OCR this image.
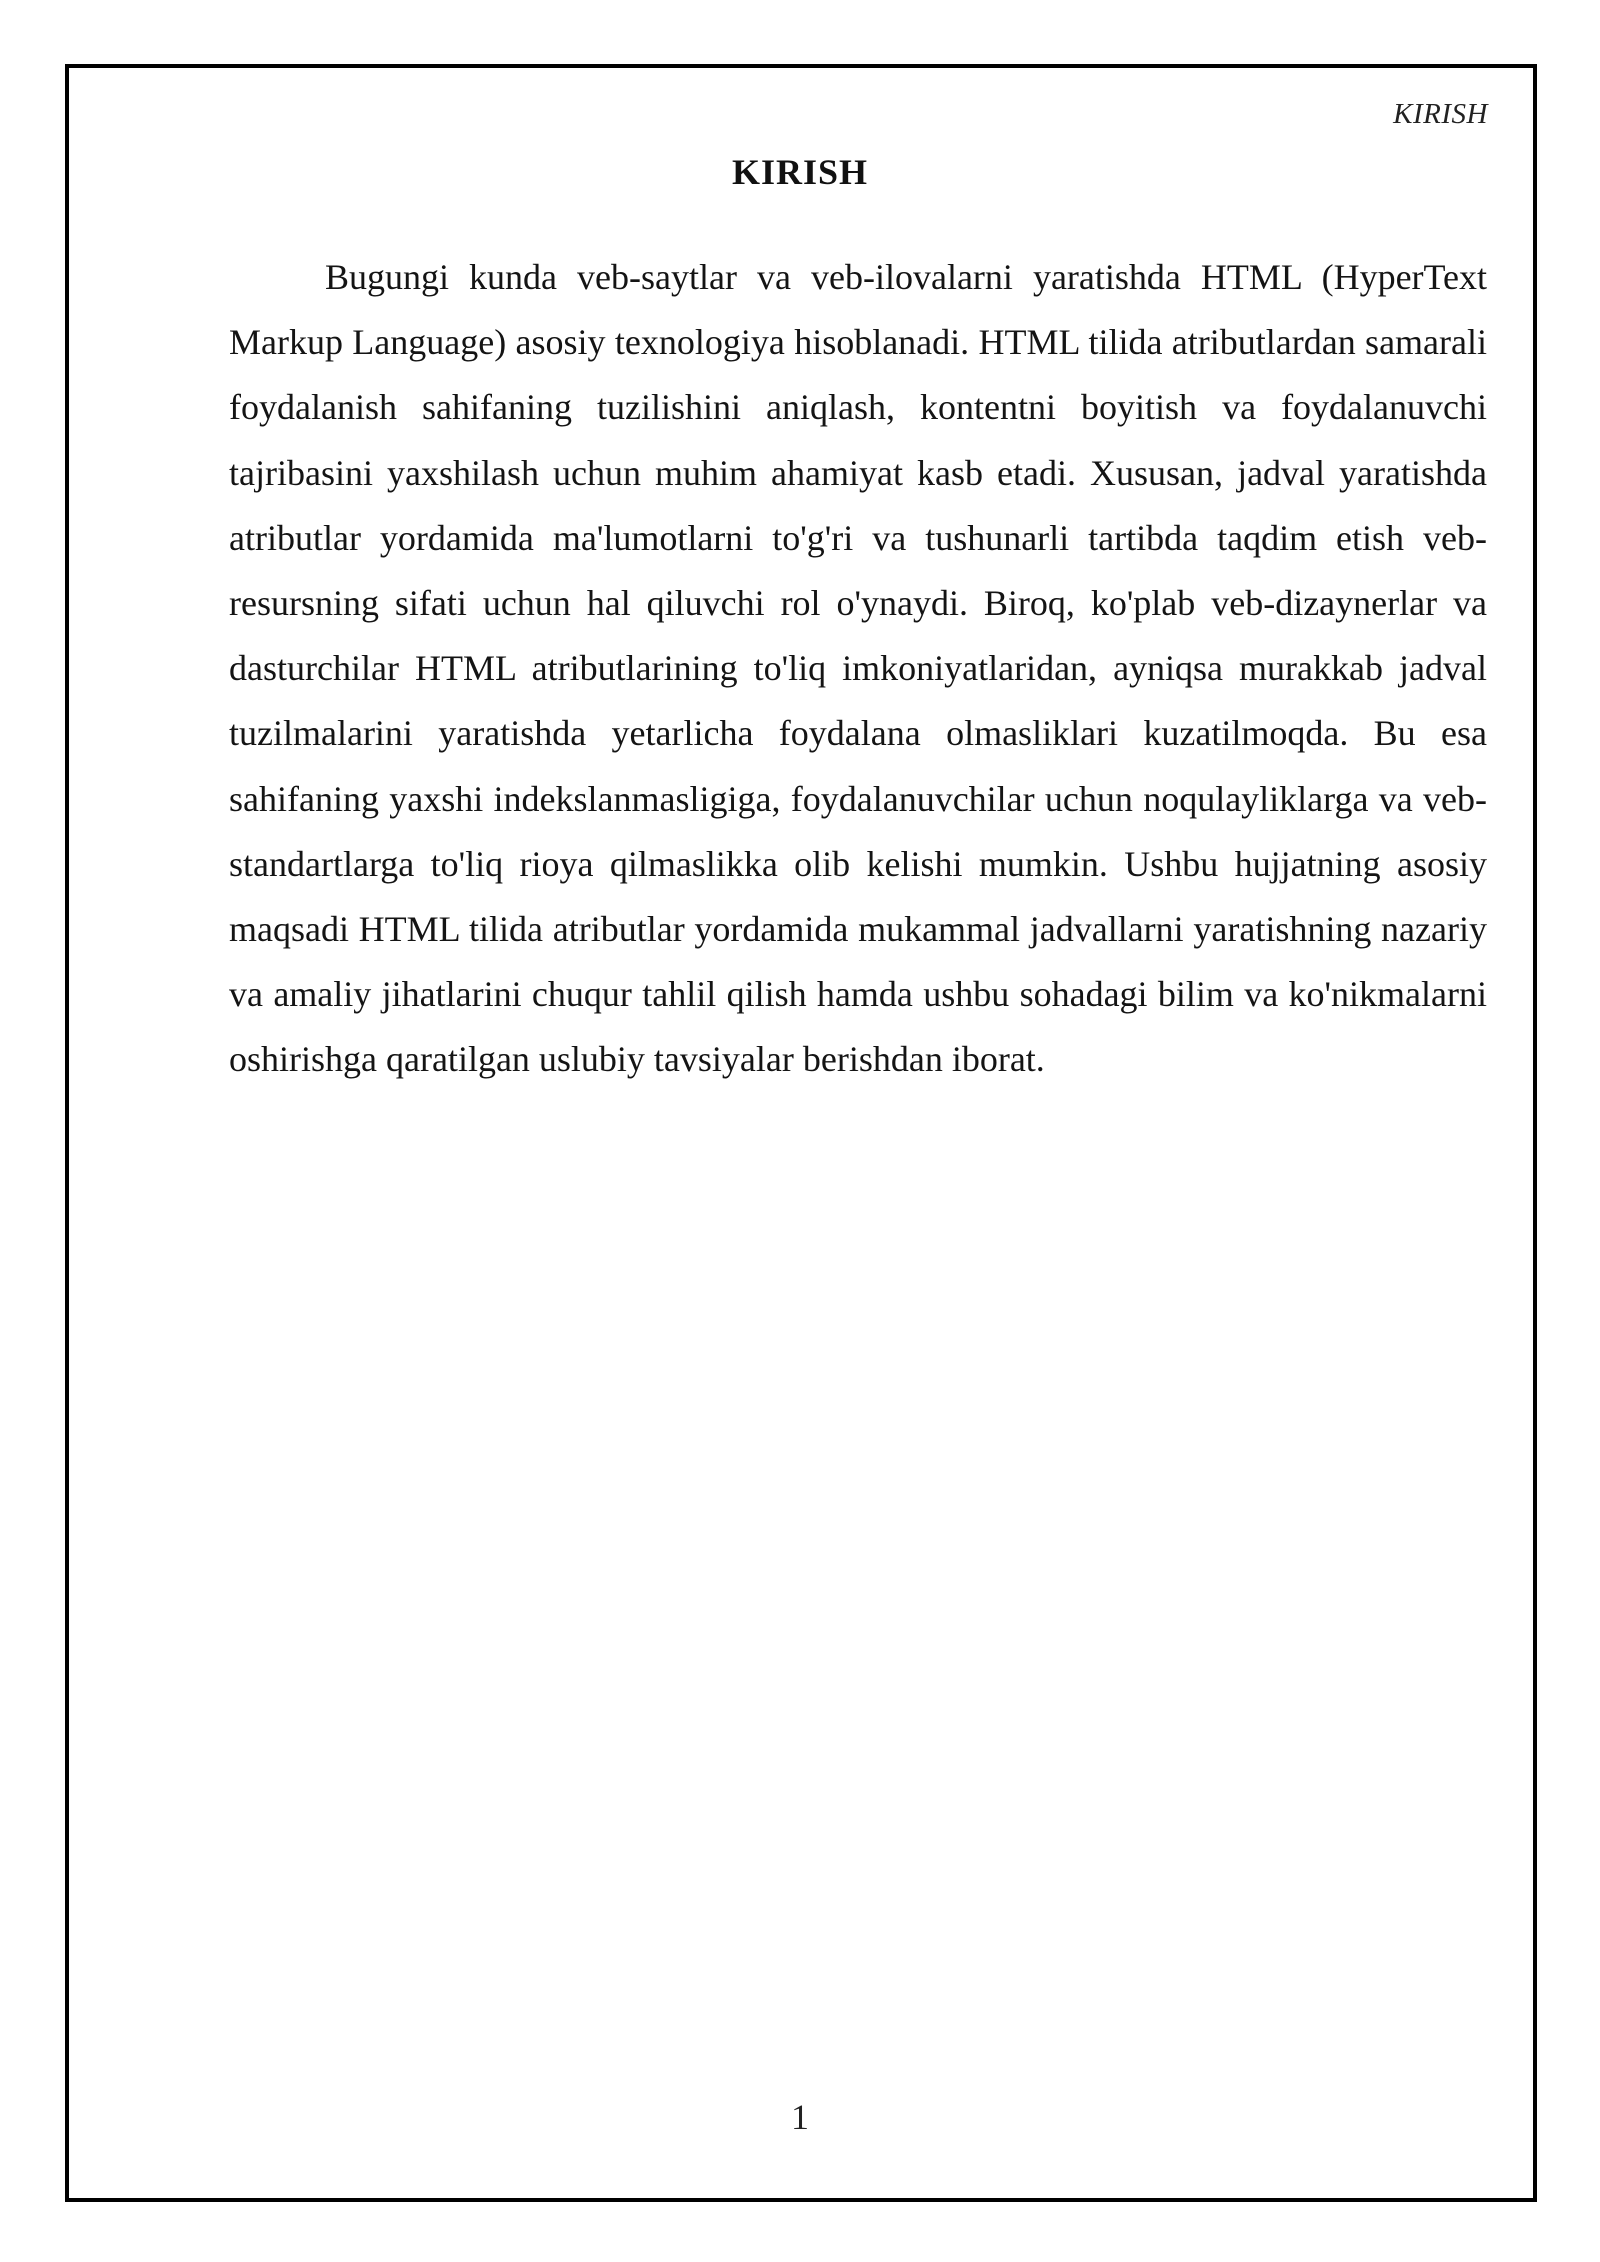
KIRISH
KIRISH

Bugungi kunda veb-saytlar va veb-ilovalarni yaratishda HTML (HyperText Markup Language) asosiy texnologiya hisoblanadi. HTML tilida atributlardan samarali foydalanish sahifaning tuzilishini aniqlash, kontentni boyitish va foydalanuvchi tajribasini yaxshilash uchun muhim ahamiyat kasb etadi. Xususan, jadval yaratishda atributlar yordamida ma'lumotlarni to'g'ri va tushunarli tartibda taqdim etish veb-resursning sifati uchun hal qiluvchi rol o'ynaydi. Biroq, ko'plab veb-dizaynerlar va dasturchilar HTML atributlarining to'liq imkoniyatlaridan, ayniqsa murakkab jadval tuzilmalarini yaratishda yetarlicha foydalana olmasliklari kuzatilmoqda. Bu esa sahifaning yaxshi indekslanmasligiga, foydalanuvchilar uchun noqulayliklarga va veb-standartlarga to'liq rioya qilmaslikka olib kelishi mumkin. Ushbu hujjatning asosiy maqsadi HTML tilida atributlar yordamida mukammal jadvallarni yaratishning nazariy va amaliy jihatlarini chuqur tahlil qilish hamda ushbu sohadagi bilim va ko'nikmalarni oshirishga qaratilgan uslubiy tavsiyalar berishdan iborat.

1
